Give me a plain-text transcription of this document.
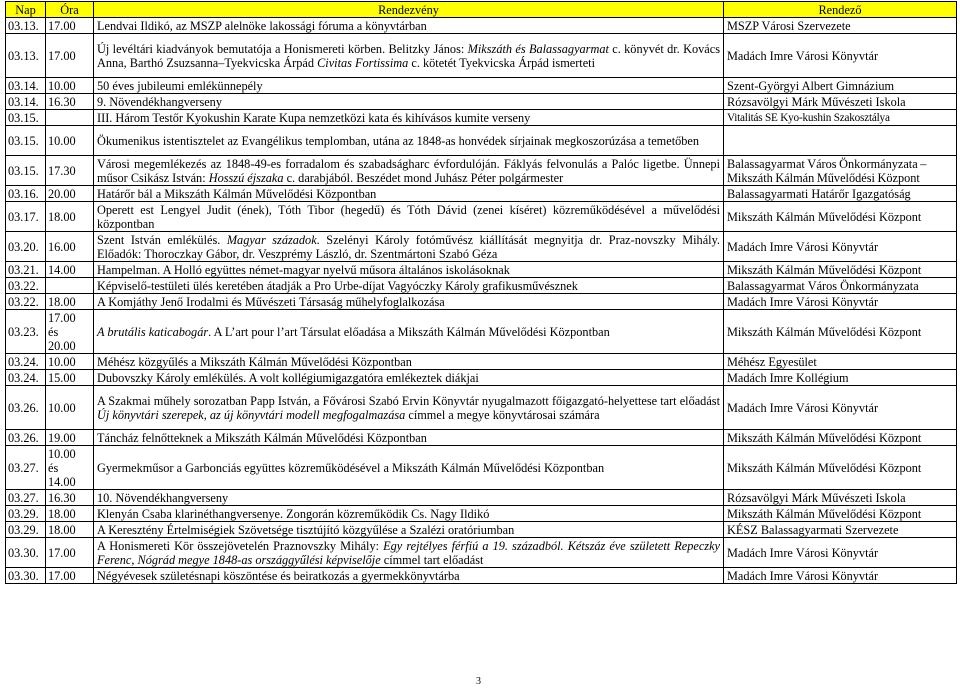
Nap	Óra	Rendezvény	Rendező
03.13.	17.00	Lendvai Ildikó, az MSZP alelnöke lakossági fóruma a könyvtárban	MSZP Városi Szervezete
03.13.	17.00	Új levéltári kiadványok bemutatója a Honismereti körben. Belitzky János: Mikszáth és Balassagyarmat c. könyvét dr. Kovács Anna, Barthó Zsuzsanna–Tyekvicska Árpád Civitas Fortissima c. kötetét Tyekvicska Árpád ismerteti	Madách Imre Városi Könyvtár
03.14.	10.00	50 éves jubileumi emlékünnepély	Szent-Györgyi Albert Gimnázium
03.14.	16.30	9. Növendékhangverseny	Rózsavölgyi Márk Művészeti Iskola
03.15.		III. Három Testőr Kyokushin Karate Kupa nemzetközi kata és kihívásos kumite verseny	Vitalitás SE Kyo-kushin Szakosztálya
03.15.	10.00	Ökumenikus istentisztelet az Evangélikus templomban, utána az 1848-as honvédek sírjainak megkoszorúzása a temetőben	
03.15.	17.30	Városi megemlékezés az 1848-49-es forradalom és szabadságharc évfordulóján. Fáklyás felvonulás a Palóc ligetbe. Ünnepi műsor Csikász István: Hosszú éjszaka c. darabjából. Beszédet mond Juhász Péter polgármester	Balassagyarmat Város Önkormányzata – Mikszáth Kálmán Művelődési Központ
03.16.	20.00	Határőr bál a Mikszáth Kálmán Művelődési Központban	Balassagyarmati Határőr Igazgatóság
03.17.	18.00	Operett est Lengyel Judit (ének), Tóth Tibor (hegedű) és Tóth Dávid (zenei kíséret) közreműködésével a művelődési központban	Mikszáth Kálmán Művelődési Központ
03.20.	16.00	Szent István emlékülés. Magyar századok. Szelényi Károly fotóművész kiállítását megnyitja dr. Praz-novszky Mihály. Előadók: Thoroczkay Gábor, dr. Veszprémy László, dr. Szentmártoni Szabó Géza	Madách Imre Városi Könyvtár
03.21.	14.00	Hampelman. A Holló együttes német-magyar nyelvű műsora általános iskolásoknak	Mikszáth Kálmán Művelődési Központ
03.22.		Képviselő-testületi ülés keretében átadják a Pro Urbe-díjat Vagyóczky Károly grafikusművésznek	Balassagyarmat Város Önkormányzata
03.22.	18.00	A Komjáthy Jenő Irodalmi és Művészeti Társaság műhelyfoglalkozása	Madách Imre Városi Könyvtár
03.23.	17.00
és
20.00	A brutális katicabogár. A L’art pour l’art Társulat előadása a Mikszáth Kálmán Művelődési Központban	Mikszáth Kálmán Művelődési Központ
03.24.	10.00	Méhész közgyűlés a Mikszáth Kálmán Művelődési Központban	Méhész Egyesület
03.24.	15.00	Dubovszky Károly emlékülés. A volt kollégiumigazgatóra emlékeztek diákjai	Madách Imre Kollégium
03.26.	10.00	A Szakmai műhely sorozatban Papp István, a Fővárosi Szabó Ervin Könyvtár nyugalmazott főigazgató-helyettese tart előadást Új könyvtári szerepek, az új könyvtári modell megfogalmazása címmel a megye könyvtárosai számára	Madách Imre Városi Könyvtár
03.26.	19.00	Táncház felnőtteknek a Mikszáth Kálmán Művelődési Központban	Mikszáth Kálmán Művelődési Központ
03.27.	10.00
és
14.00	Gyermekműsor a Garbonciás együttes közreműködésével a Mikszáth Kálmán Művelődési Központban	Mikszáth Kálmán Művelődési Központ
03.27.	16.30	10. Növendékhangverseny	Rózsavölgyi Márk Művészeti Iskola
03.29.	18.00	Klenyán Csaba klarinéthangversenye. Zongorán közreműködik Cs. Nagy Ildikó	Mikszáth Kálmán Művelődési Központ
03.29.	18.00	A Keresztény Értelmiségiek Szövetsége tisztújító közgyűlése a Szalézi oratóriumban	KÉSZ Balassagyarmati Szervezete
03.30.	17.00	A Honismereti Kör összejövetelén Praznovszky Mihály: Egy rejtélyes férfiú a 19. századból. Kétszáz éve született Repeczky Ferenc, Nógrád megye 1848-as országgyűlési képviselője címmel tart előadást	Madách Imre Városi Könyvtár
03.30.	17.00	Négyévesek születésnapi köszöntése és beiratkozás a gyermekkönyvtárba	Madách Imre Városi Könyvtár
3
